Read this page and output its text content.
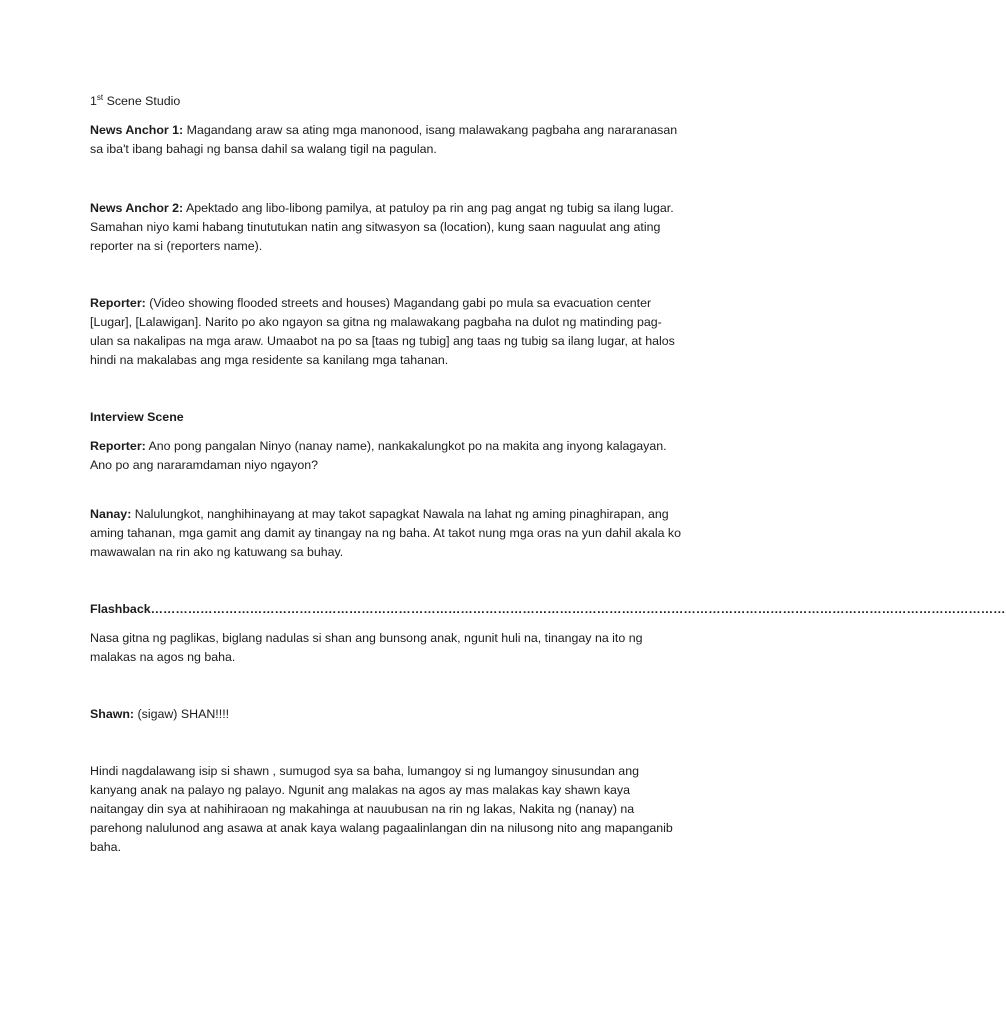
1st Scene Studio

News Anchor 1: Magandang araw sa ating mga manonood, isang malawakang pagbaha ang nararanasan sa iba't ibang bahagi ng bansa dahil sa walang tigil na pagulan.

News Anchor 2: Apektado ang libo-libong pamilya, at patuloy pa rin ang pag angat ng tubig sa ilang lugar. Samahan niyo kami habang tinututukan natin ang sitwasyon sa (location), kung saan naguulat ang ating reporter na si (reporters name).

Reporter: (Video showing flooded streets and houses) Magandang gabi po mula sa evacuation center [Lugar], [Lalawigan]. Narito po ako ngayon sa gitna ng malawakang pagbaha na dulot ng matinding pag-ulan sa nakalipas na mga araw. Umaabot na po sa [taas ng tubig] ang taas ng tubig sa ilang lugar, at halos hindi na makalabas ang mga residente sa kanilang mga tahanan.

Interview Scene

Reporter: Ano pong pangalan Ninyo (nanay name), nankakalungkot po na makita ang inyong kalagayan. Ano po ang nararamdaman niyo ngayon?

Nanay: Nalulungkot, nanghihinayang at may takot sapagkat Nawala na lahat ng aming pinaghirapan, ang aming tahanan, mga gamit ang damit ay tinangay na ng baha. At takot nung mga oras na yun dahil akala ko mawawalan na rin ako ng katuwang sa buhay.

Flashback………………………………………………………………………………………………………………………………………………………………………………………

Nasa gitna ng paglikas, biglang nadulas si shan ang bunsong anak, ngunit huli na, tinangay na ito ng malakas na agos ng baha.

Shawn: (sigaw) SHAN!!!!

Hindi nagdalawang isip si shawn , sumugod sya sa baha, lumangoy si ng lumangoy sinusundan ang kanyang anak na palayo ng palayo. Ngunit ang malakas na agos ay mas malakas kay shawn kaya naitangay din sya at nahihiraoan ng makahinga at nauubusan na rin ng lakas, Nakita ng (nanay) na parehong nalulunod ang asawa at anak kaya walang pagaalinlangan din na nilusong nito ang mapanganib baha.
